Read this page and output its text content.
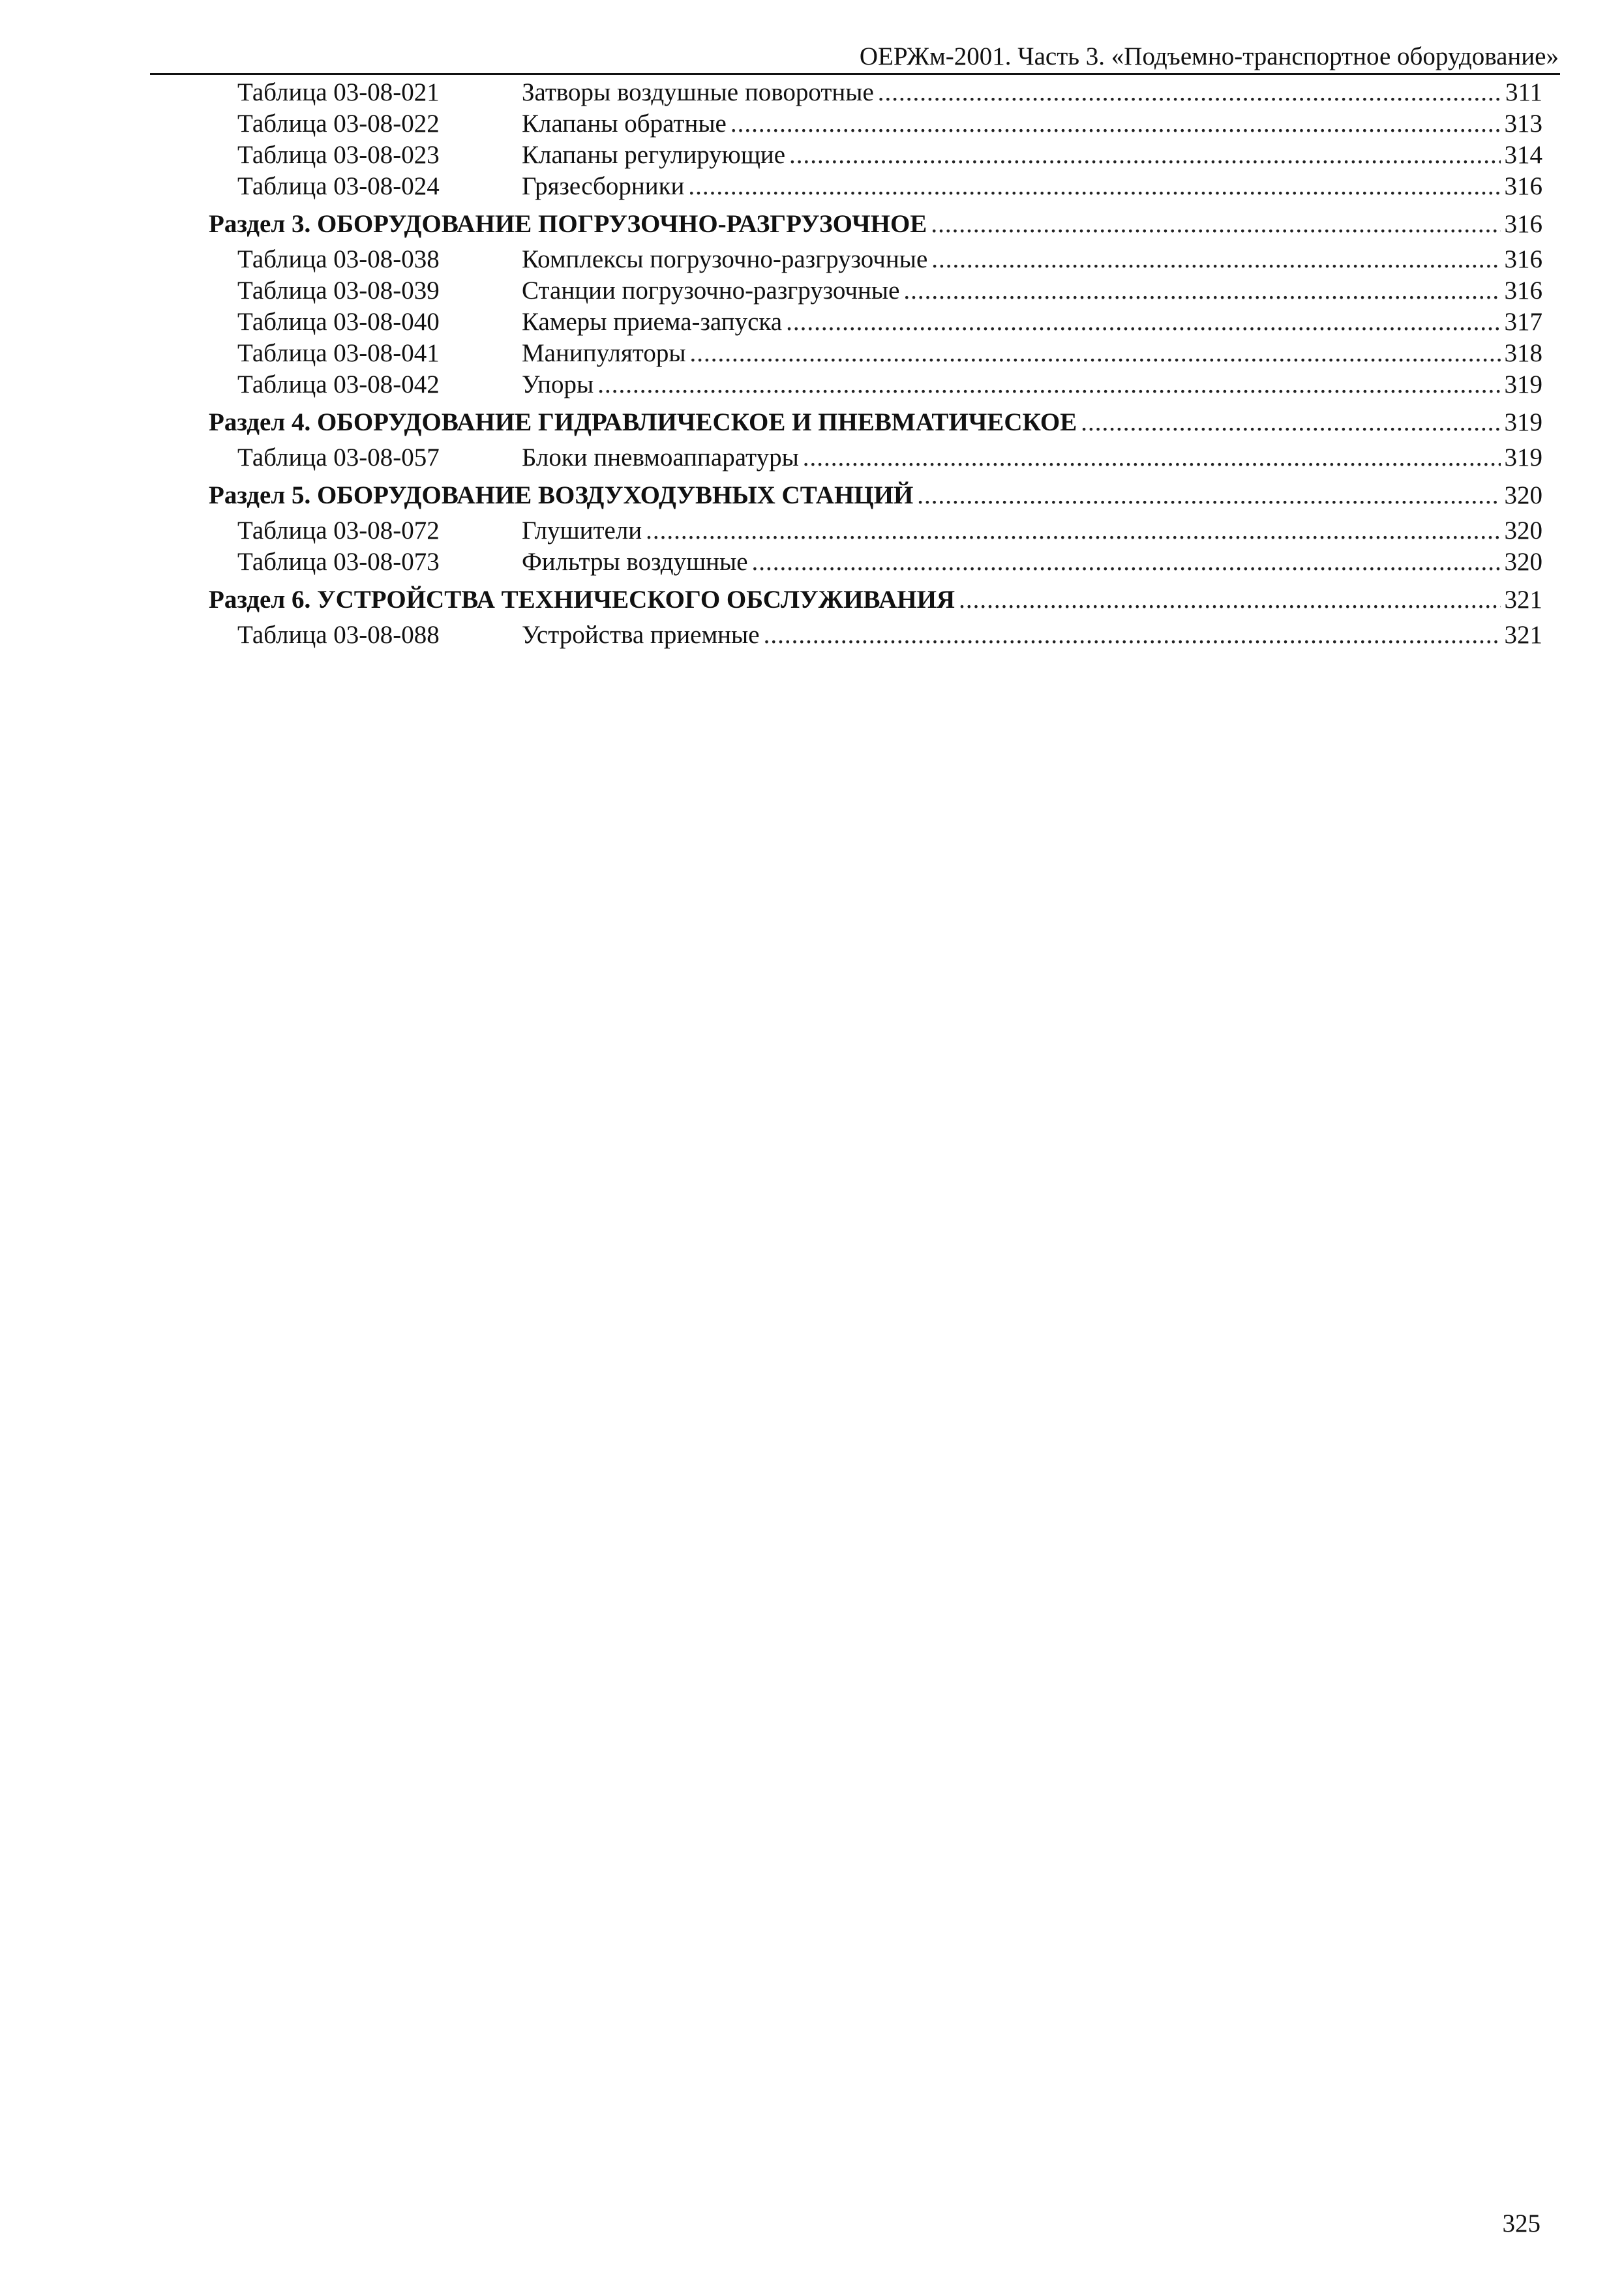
ОЕРЖм-2001. Часть 3. «Подъемно-транспортное оборудование»
Таблица 03-08-021	Затворы воздушные поворотные .....	311
Таблица 03-08-022	Клапаны обратные .....	313
Таблица 03-08-023	Клапаны регулирующие .....	314
Таблица 03-08-024	Грязесборники .....	316
Раздел 3. ОБОРУДОВАНИЕ ПОГРУЗОЧНО-РАЗГРУЗОЧНОЕ .....	316
Таблица 03-08-038	Комплексы погрузочно-разгрузочные .....	316
Таблица 03-08-039	Станции погрузочно-разгрузочные .....	316
Таблица 03-08-040	Камеры приема-запуска .....	317
Таблица 03-08-041	Манипуляторы .....	318
Таблица 03-08-042	Упоры .....	319
Раздел 4. ОБОРУДОВАНИЕ ГИДРАВЛИЧЕСКОЕ И ПНЕВМАТИЧЕСКОЕ .....	319
Таблица 03-08-057	Блоки пневмоаппаратуры .....	319
Раздел 5. ОБОРУДОВАНИЕ ВОЗДУХОДУВНЫХ СТАНЦИЙ .....	320
Таблица 03-08-072	Глушители .....	320
Таблица 03-08-073	Фильтры воздушные .....	320
Раздел 6. УСТРОЙСТВА ТЕХНИЧЕСКОГО ОБСЛУЖИВАНИЯ .....	321
Таблица 03-08-088	Устройства приемные .....	321
325
